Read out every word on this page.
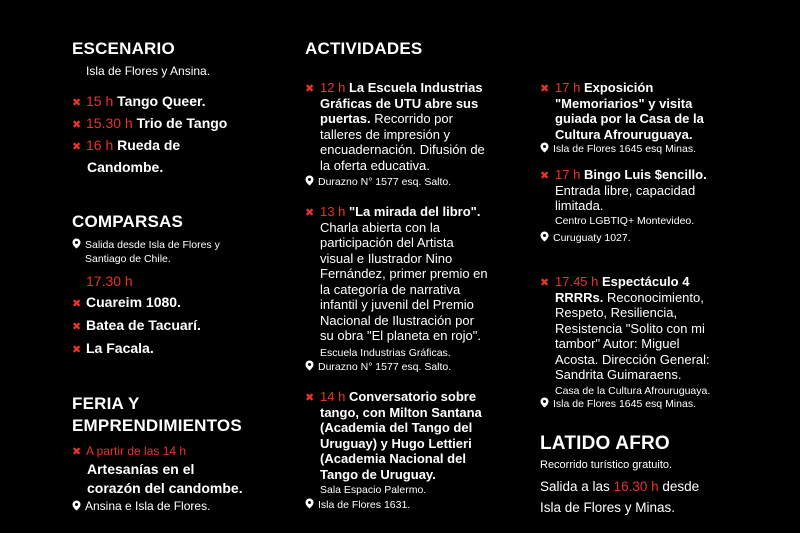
ESCENARIO
Isla de Flores y Ansina.
✖ 15 h Tango Queer.
✖ 15.30 h Trio de Tango
✖ 16 h Rueda de
Candombe.
COMPARSAS
Salida desde Isla de Flores y
Santiago de Chile.
17.30 h
✖ Cuareim 1080.
✖ Batea de Tacuarí.
✖ La Facala.
FERIA Y
EMPRENDIMIENTOS
✖ A partir de las 14 h
Artesanías en el
corazón del candombe.
Ansina e Isla de Flores.
ACTIVIDADES
✖ 12 h La Escuela Industrias
Gráficas de UTU abre sus
puertas. Recorrido por
talleres de impresión y
encuadernación. Difusión de
la oferta educativa.
Durazno N° 1577 esq. Salto.
✖ 13 h "La mirada del libro".
Charla abierta con la
participación del Artista
visual e Ilustrador Nino
Fernández, primer premio en
la categoría de narrativa
infantil y juvenil del Premio
Nacional de Ilustración por
su obra "El planeta en rojo".
Escuela Industrias Gráficas.
Durazno N° 1577 esq. Salto.
✖ 14 h Conversatorio sobre
tango, con Milton Santana
(Academia del Tango del
Uruguay) y Hugo Lettieri
(Academia Nacional del
Tango de Uruguay.
Sala Espacio Palermo.
Isla de Flores 1631.
✖ 17 h Exposición
"Memoriarios" y visita
guiada por la Casa de la
Cultura Afrouruguaya.
Isla de Flores 1645 esq Minas.
✖ 17 h Bingo Luis $encillo.
Entrada libre, capacidad
limitada.
Centro LGBTIQ+ Montevideo.
Curuguaty 1027.
✖ 17.45 h Espectáculo 4
RRRRs. Reconocimiento,
Respeto, Resiliencia,
Resistencia "Solito con mi
tambor" Autor: Miguel
Acosta. Dirección General:
Sandrita Guimaraens.
Casa de la Cultura Afrouruguaya.
Isla de Flores 1645 esq Minas.
LATIDO AFRO
Recorrido turístico gratuito.
Salida a las 16.30 h desde
Isla de Flores y Minas.
